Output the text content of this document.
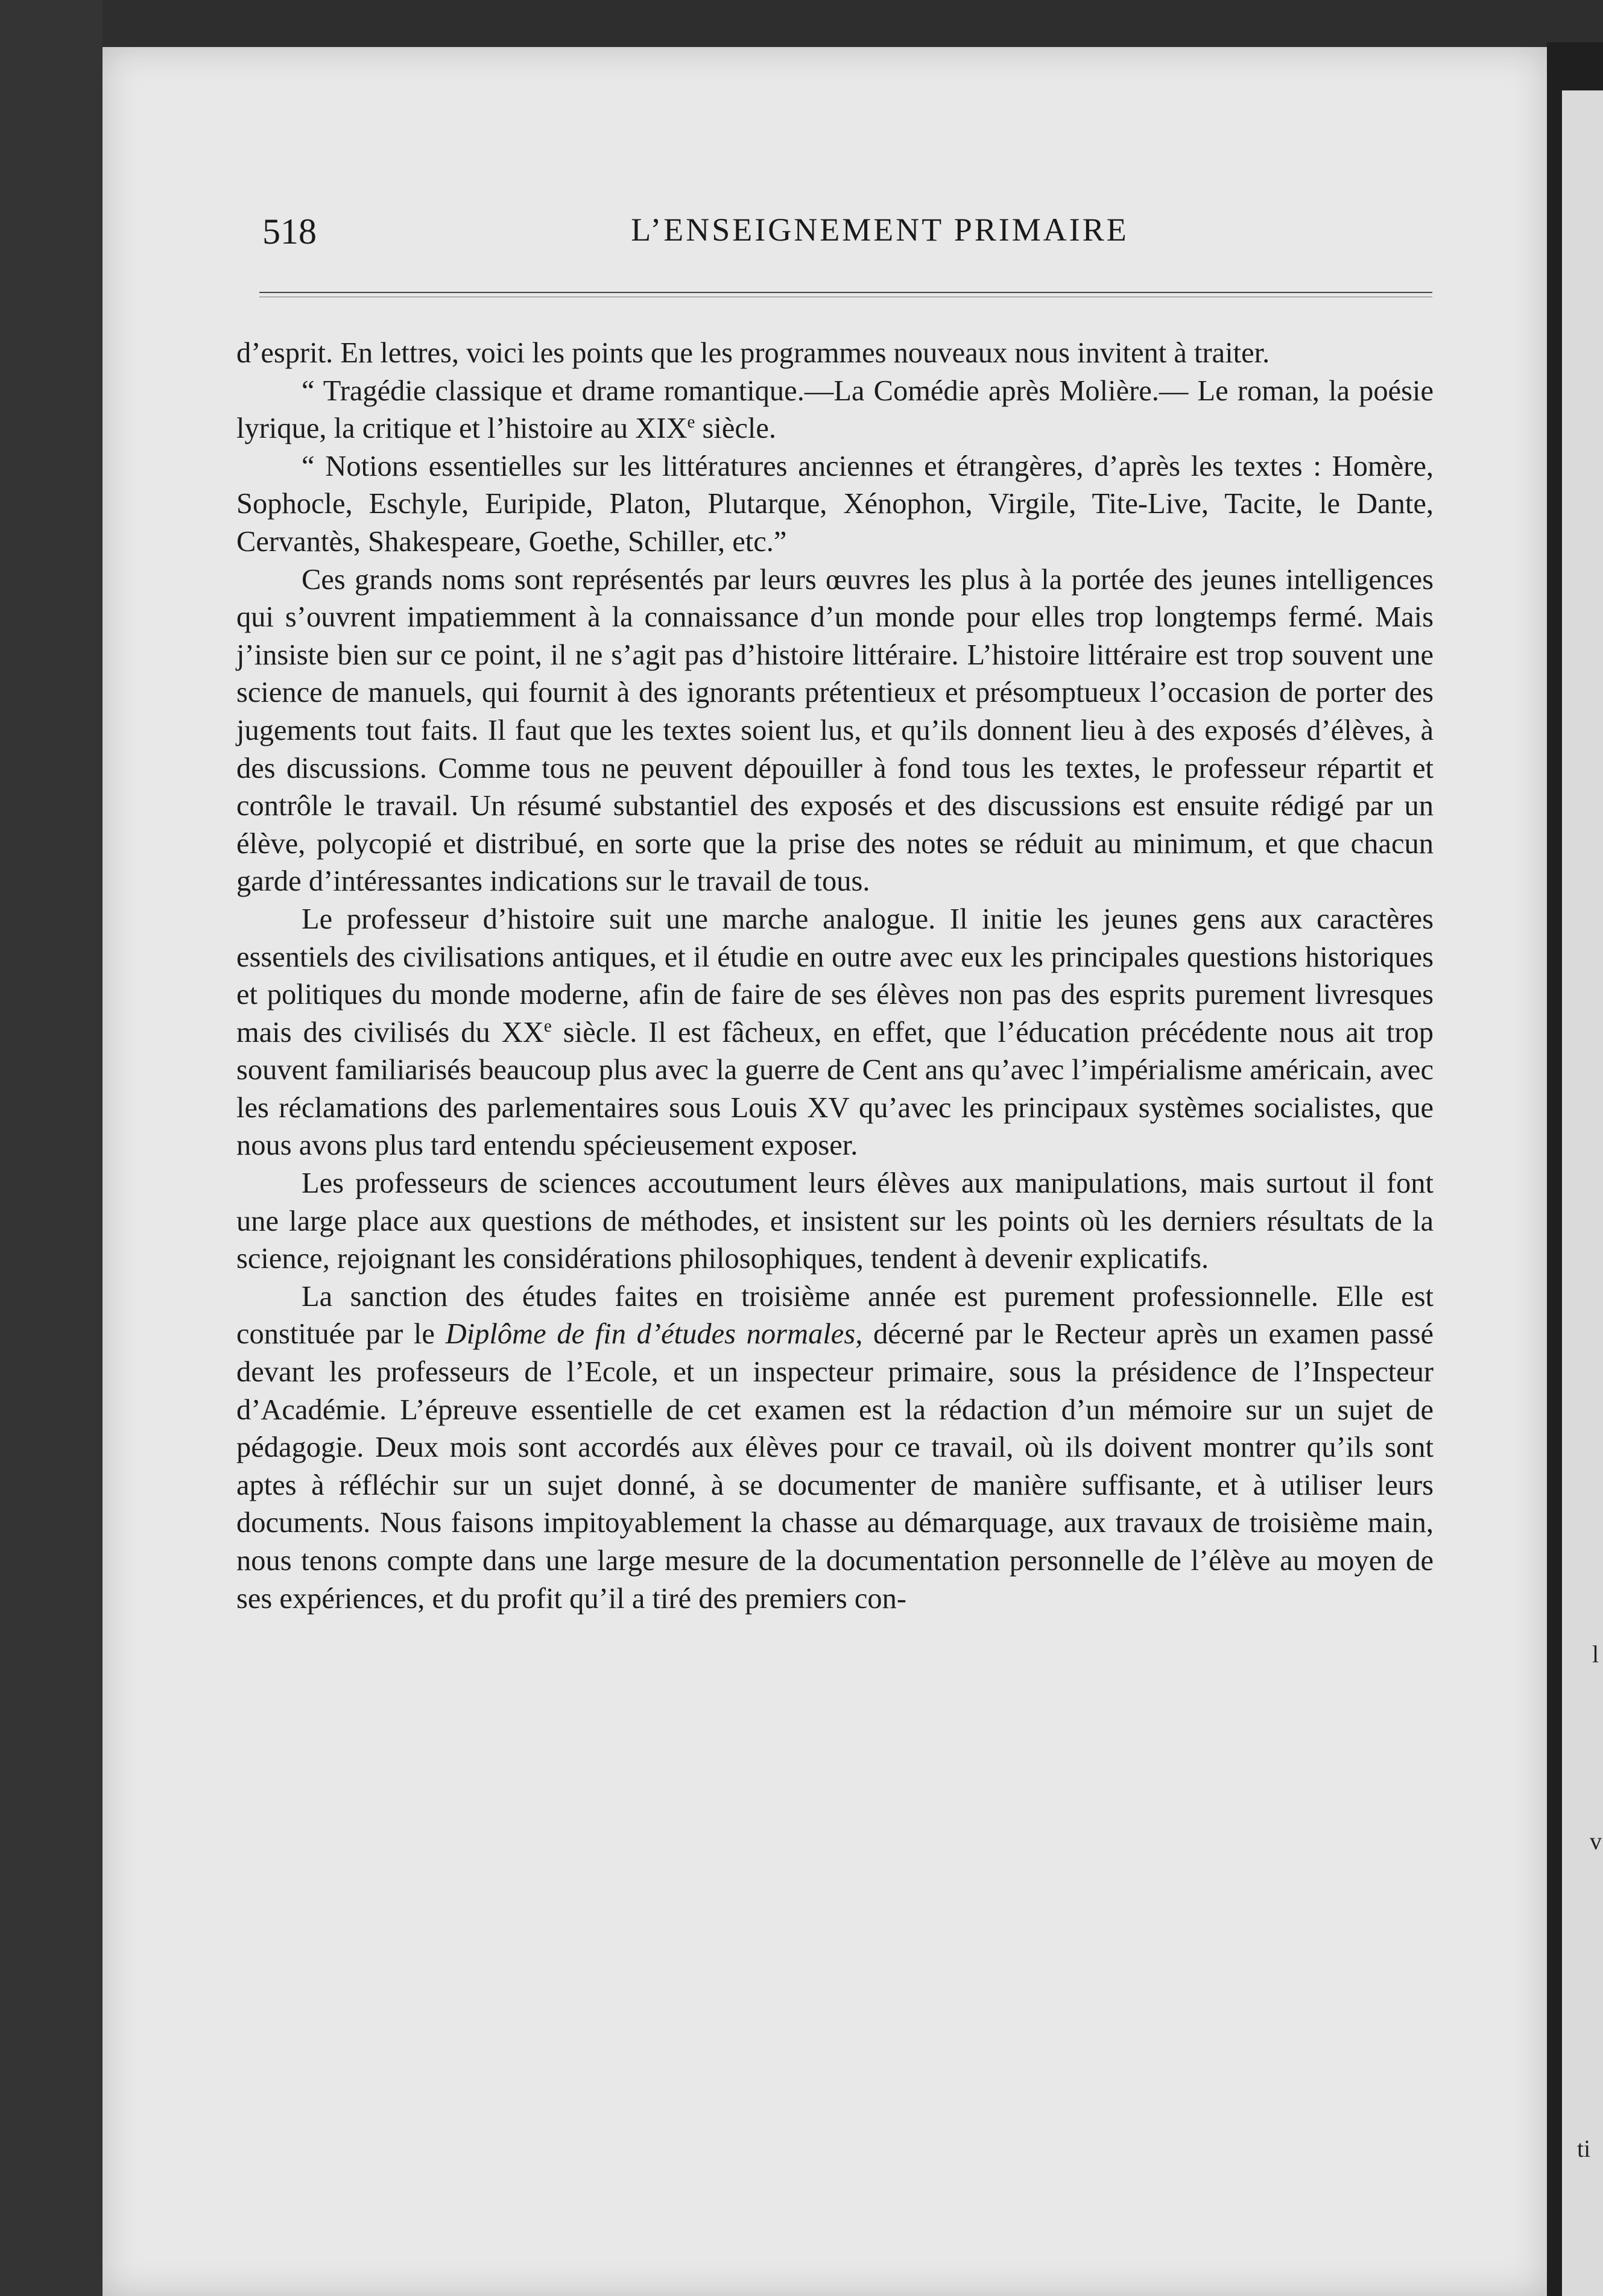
l
v
ti
518	L’ENSEIGNEMENT PRIMAIRE

d’esprit. En lettres, voici les points que les programmes nouveaux nous invitent à traiter.

“ Tragédie classique et drame romantique.—La Comédie après Molière.— Le roman, la poésie lyrique, la critique et l’histoire au XIXe siècle.

“ Notions essentielles sur les littératures anciennes et étrangères, d’après les textes : Homère, Sophocle, Eschyle, Euripide, Platon, Plutarque, Xénophon, Virgile, Tite-Live, Tacite, le Dante, Cervantès, Shakespeare, Goethe, Schiller, etc.”

Ces grands noms sont représentés par leurs œuvres les plus à la portée des jeunes intelligences qui s’ouvrent impatiemment à la connaissance d’un monde pour elles trop longtemps fermé. Mais j’insiste bien sur ce point, il ne s’agit pas d’histoire littéraire. L’histoire littéraire est trop souvent une science de manuels, qui fournit à des ignorants prétentieux et présomptueux l’occasion de porter des jugements tout faits. Il faut que les textes soient lus, et qu’ils donnent lieu à des exposés d’élèves, à des discussions. Comme tous ne peuvent dépouiller à fond tous les textes, le professeur répartit et contrôle le travail. Un résumé substantiel des exposés et des discussions est ensuite rédigé par un élève, polycopié et distribué, en sorte que la prise des notes se réduit au minimum, et que chacun garde d’intéressantes indications sur le travail de tous.

Le professeur d’histoire suit une marche analogue. Il initie les jeunes gens aux caractères essentiels des civilisations antiques, et il étudie en outre avec eux les principales questions historiques et politiques du monde moderne, afin de faire de ses élèves non pas des esprits purement livresques mais des civilisés du XXe siècle. Il est fâcheux, en effet, que l’éducation précédente nous ait trop souvent familiarisés beaucoup plus avec la guerre de Cent ans qu’avec l’impérialisme américain, avec les réclamations des parlementaires sous Louis XV qu’avec les principaux systèmes socialistes, que nous avons plus tard entendu spécieusement exposer.

Les professeurs de sciences accoutument leurs élèves aux manipulations, mais surtout il font une large place aux questions de méthodes, et insistent sur les points où les derniers résultats de la science, rejoignant les considérations philosophiques, tendent à devenir explicatifs.

La sanction des études faites en troisième année est purement professionnelle. Elle est constituée par le Diplôme de fin d’études normales, décerné par le Recteur après un examen passé devant les professeurs de l’Ecole, et un inspecteur primaire, sous la présidence de l’Inspecteur d’Académie. L’épreuve essentielle de cet examen est la rédaction d’un mémoire sur un sujet de pédagogie. Deux mois sont accordés aux élèves pour ce travail, où ils doivent montrer qu’ils sont aptes à réfléchir sur un sujet donné, à se documenter de manière suffisante, et à utiliser leurs documents. Nous faisons impitoyablement la chasse au démarquage, aux travaux de troisième main, nous tenons compte dans une large mesure de la documentation personnelle de l’élève au moyen de ses expériences, et du profit qu’il a tiré des premiers con-
